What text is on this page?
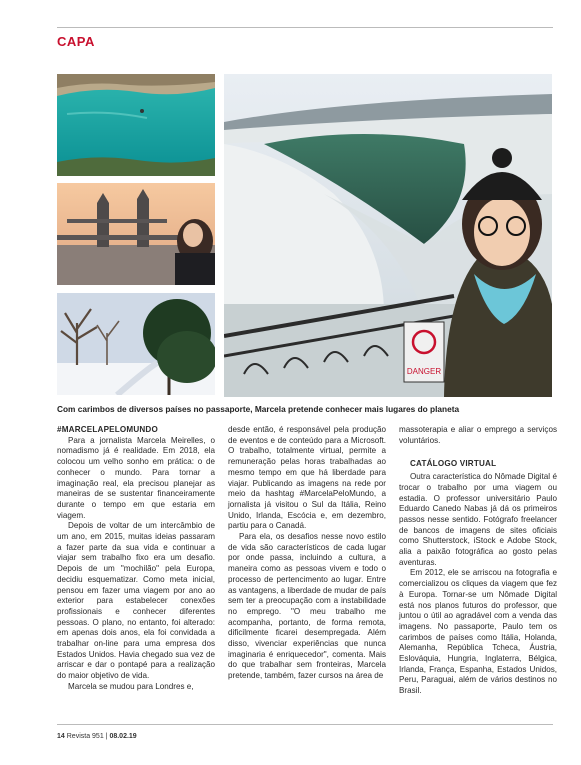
CAPA
DANGER
Com carimbos de diversos países no passaporte, Marcela pretende conhecer mais lugares do planeta

#MARCELAPELOMUNDO

Para a jornalista Marcela Meirelles, o nomadismo já é realidade. Em 2018, ela colocou um velho sonho em prática: o de conhecer o mundo. Para tornar a imaginação real, ela precisou planejar as maneiras de se sustentar financeiramente durante o tempo em que estaria em viagem.

Depois de voltar de um intercâmbio de um ano, em 2015, muitas ideias passaram a fazer parte da sua vida e continuar a viajar sem trabalho fixo era um desafio. Depois de um "mochilão" pela Europa, decidiu esquematizar. Como meta inicial, pensou em fazer uma viagem por ano ao exterior para estabelecer conexões profissionais e conhecer diferentes pessoas. O plano, no entanto, foi alterado: em apenas dois anos, ela foi convidada a trabalhar on-line para uma empresa dos Estados Unidos. Havia chegado sua vez de arriscar e dar o pontapé para a realização do maior objetivo de vida.

Marcela se mudou para Londres e,

desde então, é responsável pela produção de eventos e de conteúdo para a Microsoft. O trabalho, totalmente virtual, permite a remuneração pelas horas trabalhadas ao mesmo tempo em que há liberdade para viajar. Publicando as imagens na rede por meio da hashtag #MarcelaPeloMundo, a jornalista já visitou o Sul da Itália, Reino Unido, Irlanda, Escócia e, em dezembro, partiu para o Canadá.

Para ela, os desafios nesse novo estilo de vida são característicos de cada lugar por onde passa, incluindo a cultura, a maneira como as pessoas vivem e todo o processo de pertencimento ao lugar. Entre as vantagens, a liberdade de mudar de país sem ter a preocupação com a instabilidade no emprego. "O meu trabalho me acompanha, portanto, de forma remota, dificilmente ficarei desempregada. Além disso, vivenciar experiências que nunca imaginaria é enriquecedor", comenta. Mais do que trabalhar sem fronteiras, Marcela pretende, também, fazer cursos na área de

massoterapia e aliar o emprego a serviços voluntários.

CATÁLOGO VIRTUAL

Outra característica do Nômade Digital é trocar o trabalho por uma viagem ou estadia. O professor universitário Paulo Eduardo Canedo Nabas já dá os primeiros passos nesse sentido. Fotógrafo freelancer de bancos de imagens de sites oficiais como Shutterstock, iStock e Adobe Stock, alia a paixão fotográfica ao gosto pelas aventuras.

Em 2012, ele se arriscou na fotografia e comercializou os cliques da viagem que fez à Europa. Tornar-se um Nômade Digital está nos planos futuros do professor, que juntou o útil ao agradável com a venda das imagens. No passaporte, Paulo tem os carimbos de países como Itália, Holanda, Alemanha, República Tcheca, Áustria, Eslováquia, Hungria, Inglaterra, Bélgica, Irlanda, França, Espanha, Estados Unidos, Peru, Paraguai, além de vários destinos no Brasil.

14 Revista 951 | 08.02.19
